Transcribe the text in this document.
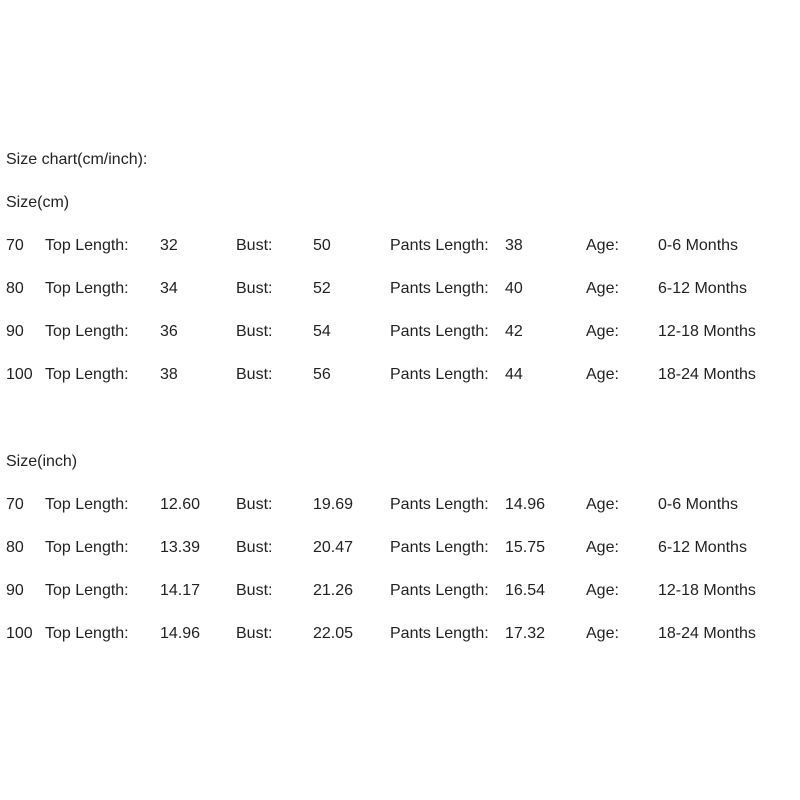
Size chart(cm/inch):
Size(cm)
70 Top Length: 32	Bust:	50	Pants Length: 38	Age: 0-6 Months
80 Top Length: 34	Bust:	52	Pants Length: 40	Age: 6-12 Months
90 Top Length: 36	Bust:	54	Pants Length: 42	Age: 12-18 Months
100 Top Length: 38	Bust:	56	Pants Length: 44	Age: 18-24 Months
Size(inch)
70 Top Length: 12.60 Bust:	19.69 Pants Length: 14.96	Age: 0-6 Months
80 Top Length: 13.39 Bust:	20.47 Pants Length: 15.75	Age: 6-12 Months
90 Top Length: 14.17 Bust:	21.26 Pants Length: 16.54	Age: 12-18 Months
100 Top Length: 14.96 Bust:	22.05 Pants Length: 17.32	Age: 18-24 Months
